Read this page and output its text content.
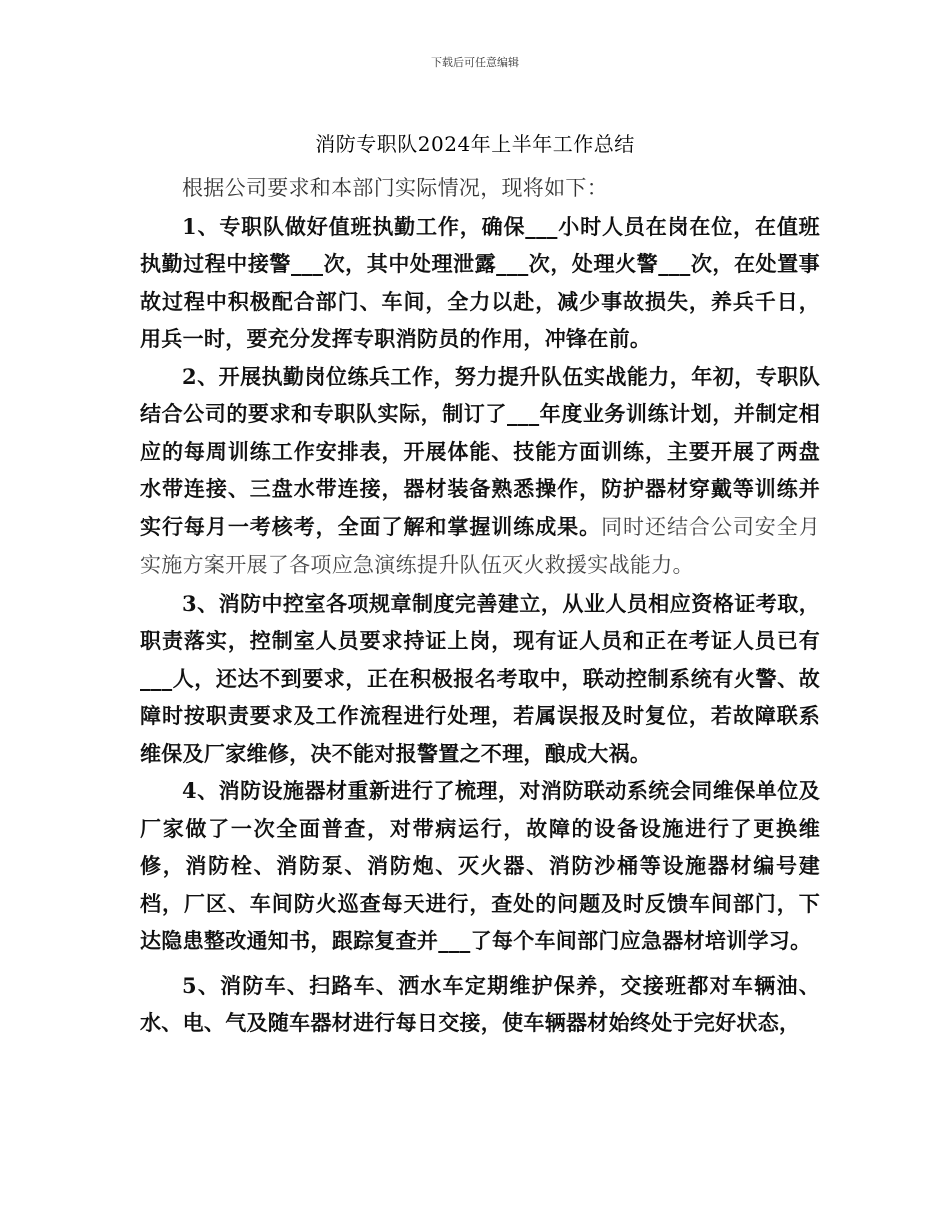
下载后可任意编辑
消防专职队2024年上半年工作总结

根据公司要求和本部门实际情况，现将如下：

1、专职队做好值班执勤工作，确保___小时人员在岗在位，在值班执勤过程中接警___次，其中处理泄露___次，处理火警___次，在处置事故过程中积极配合部门、车间，全力以赴，减少事故损失，养兵千日，用兵一时，要充分发挥专职消防员的作用，冲锋在前。

2、开展执勤岗位练兵工作，努力提升队伍实战能力，年初，专职队结合公司的要求和专职队实际，制订了___年度业务训练计划，并制定相应的每周训练工作安排表，开展体能、技能方面训练，主要开展了两盘水带连接、三盘水带连接，器材装备熟悉操作，防护器材穿戴等训练并实行每月一考核考，全面了解和掌握训练成果。同时还结合公司安全月实施方案开展了各项应急演练提升队伍灭火救援实战能力。

3、消防中控室各项规章制度完善建立，从业人员相应资格证考取，职责落实，控制室人员要求持证上岗，现有证人员和正在考证人员已有___人，还达不到要求，正在积极报名考取中，联动控制系统有火警、故障时按职责要求及工作流程进行处理，若属误报及时复位，若故障联系维保及厂家维修，决不能对报警置之不理，酿成大祸。

4、消防设施器材重新进行了梳理，对消防联动系统会同维保单位及厂家做了一次全面普查，对带病运行，故障的设备设施进行了更换维修，消防栓、消防泵、消防炮、灭火器、消防沙桶等设施器材编号建档，厂区、车间防火巡查每天进行，查处的问题及时反馈车间部门，下达隐患整改通知书，跟踪复查并___了每个车间部门应急器材培训学习。

5、消防车、扫路车、洒水车定期维护保养，交接班都对车辆油、水、电、气及随车器材进行每日交接，使车辆器材始终处于完好状态，
